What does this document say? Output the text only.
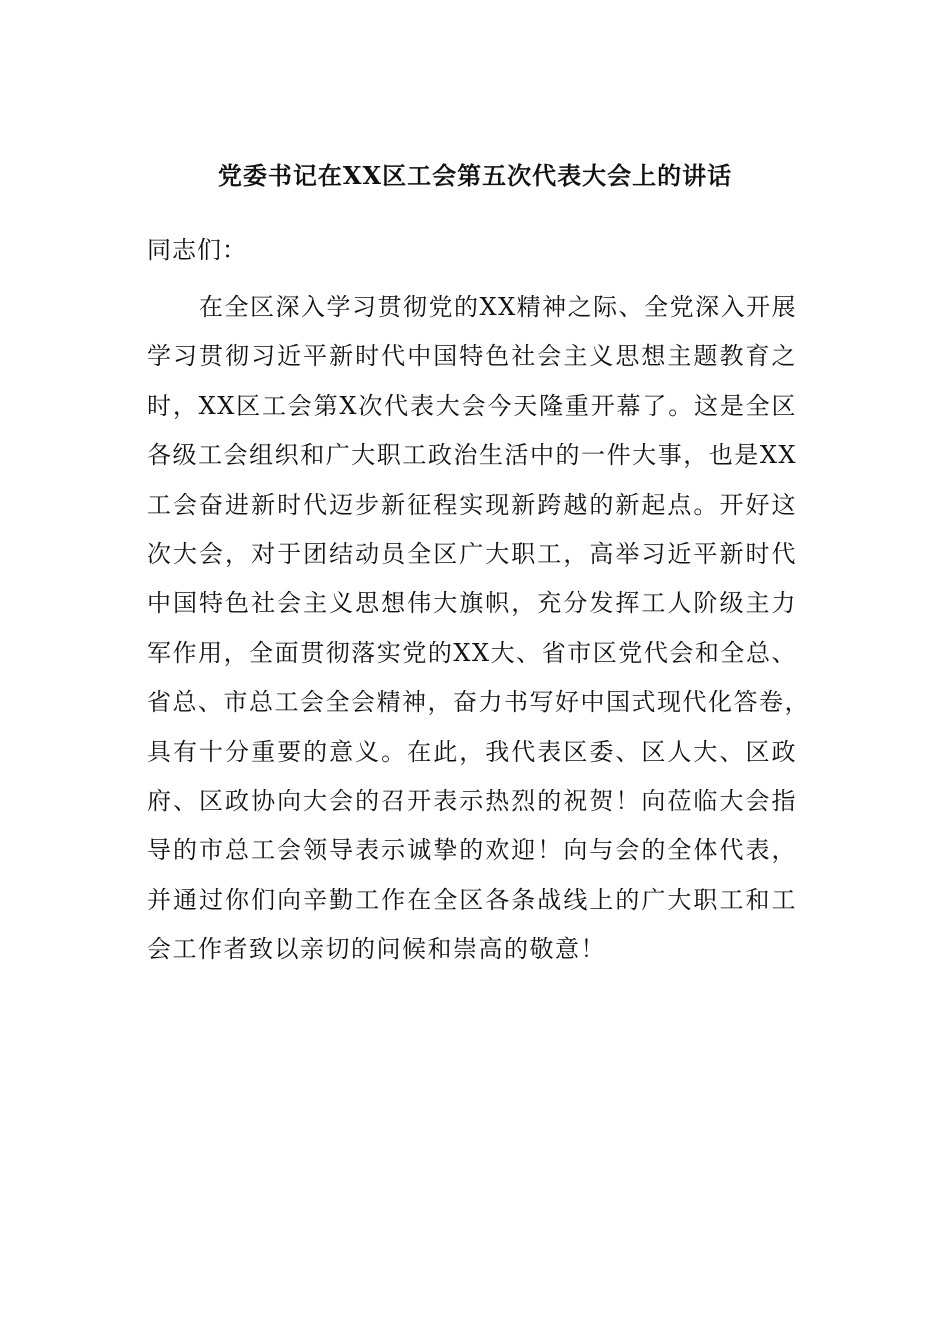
党委书记在XX区工会第五次代表大会上的讲话

同志们：

在全区深入学习贯彻党的XX精神之际、全党深入开展
学习贯彻习近平新时代中国特色社会主义思想主题教育之
时，XX区工会第X次代表大会今天隆重开幕了。这是全区
各级工会组织和广大职工政治生活中的一件大事，也是XX
工会奋进新时代迈步新征程实现新跨越的新起点。开好这
次大会，对于团结动员全区广大职工，高举习近平新时代
中国特色社会主义思想伟大旗帜，充分发挥工人阶级主力
军作用，全面贯彻落实党的XX大、省市区党代会和全总、
省总、市总工会全会精神，奋力书写好中国式现代化答卷，
具有十分重要的意义。在此，我代表区委、区人大、区政
府、区政协向大会的召开表示热烈的祝贺！向莅临大会指
导的市总工会领导表示诚挚的欢迎！向与会的全体代表，
并通过你们向辛勤工作在全区各条战线上的广大职工和工
会工作者致以亲切的问候和崇高的敬意！
